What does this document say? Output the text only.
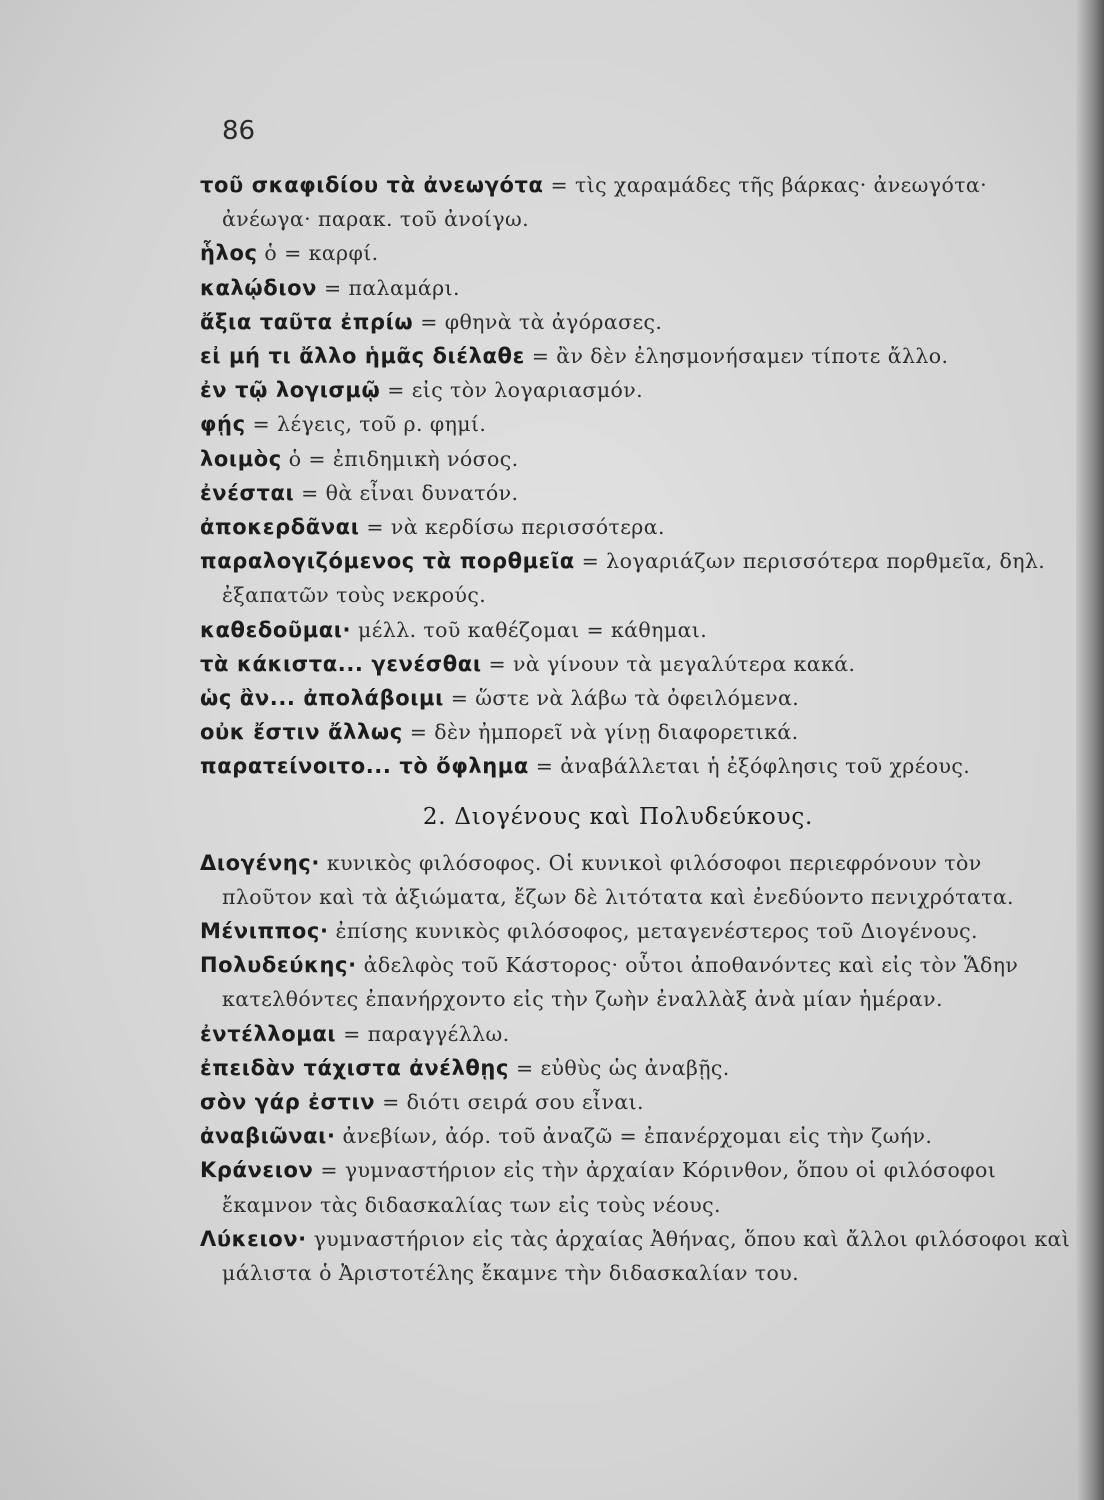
86
τοῦ σκαφιδίου τὰ ἀνεωγότα = τὶς χαραμάδες τῆς βάρκας· ἀνεωγότα· ἀνέωγα· παρακ. τοῦ ἀνοίγω.
ἧλος ὁ = καρφί.
καλῴδιον = παλαμάρι.
ἄξια ταῦτα ἐπρίω = φθηνὰ τὰ ἀγόρασες.
εἰ μή τι ἄλλο ἡμᾶς διέλαθε = ἂν δὲν ἐλησμονήσαμεν τίποτε ἄλλο.
ἐν τῷ λογισμῷ = εἰς τὸν λογαριασμόν.
φῄς = λέγεις, τοῦ ρ. φημί.
λοιμὸς ὁ = ἐπιδημικὴ νόσος.
ἐνέσται = θὰ εἶναι δυνατόν.
ἀποκερδᾶναι = νὰ κερδίσω περισσότερα.
παραλογιζόμενος τὰ πορθμεῖα = λογαριάζων περισσότερα πορθμεῖα, δηλ. ἐξαπατῶν τοὺς νεκρούς.
καθεδοῦμαι· μέλλ. τοῦ καθέζομαι = κάθημαι.
τὰ κάκιστα... γενέσθαι = νὰ γίνουν τὰ μεγαλύτερα κακά.
ὡς ἂν... ἀπολάβοιμι = ὥστε νὰ λάβω τὰ ὀφειλόμενα.
οὐκ ἔστιν ἄλλως = δὲν ἠμπορεῖ νὰ γίνῃ διαφορετικά.
παρατείνοιτο... τὸ ὄφλημα = ἀναβάλλεται ἡ ἐξόφλησις τοῦ χρέους.
2. Διογένους καὶ Πολυδεύκους.
Διογένης· κυνικὸς φιλόσοφος. Οἱ κυνικοὶ φιλόσοφοι περιεφρόνουν τὸν πλοῦτον καὶ τὰ ἀξιώματα, ἔζων δὲ λιτότατα καὶ ἐνεδύοντο πενιχρότατα.
Μένιππος· ἐπίσης κυνικὸς φιλόσοφος, μεταγενέστερος τοῦ Διογένους.
Πολυδεύκης· ἀδελφὸς τοῦ Κάστορος· οὗτοι ἀποθανόντες καὶ εἰς τὸν Ἅδην κατελθόντες ἐπανήρχοντο εἰς τὴν ζωὴν ἐναλλὰξ ἀνὰ μίαν ἡμέραν.
ἐντέλλομαι = παραγγέλλω.
ἐπειδὰν τάχιστα ἀνέλθῃς = εὐθὺς ὡς ἀναβῇς.
σὸν γάρ ἐστιν = διότι σειρά σου εἶναι.
ἀναβιῶναι· ἀνεβίων, ἀόρ. τοῦ ἀναζῶ = ἐπανέρχομαι εἰς τὴν ζωήν.
Κράνειον = γυμναστήριον εἰς τὴν ἀρχαίαν Κόρινθον, ὅπου οἱ φιλόσοφοι ἔκαμνον τὰς διδασκαλίας των εἰς τοὺς νέους.
Λύκειον· γυμναστήριον εἰς τὰς ἀρχαίας Ἀθήνας, ὅπου καὶ ἄλλοι φιλόσοφοι καὶ μάλιστα ὁ Ἀριστοτέλης ἔκαμνε τὴν διδασκαλίαν του.
